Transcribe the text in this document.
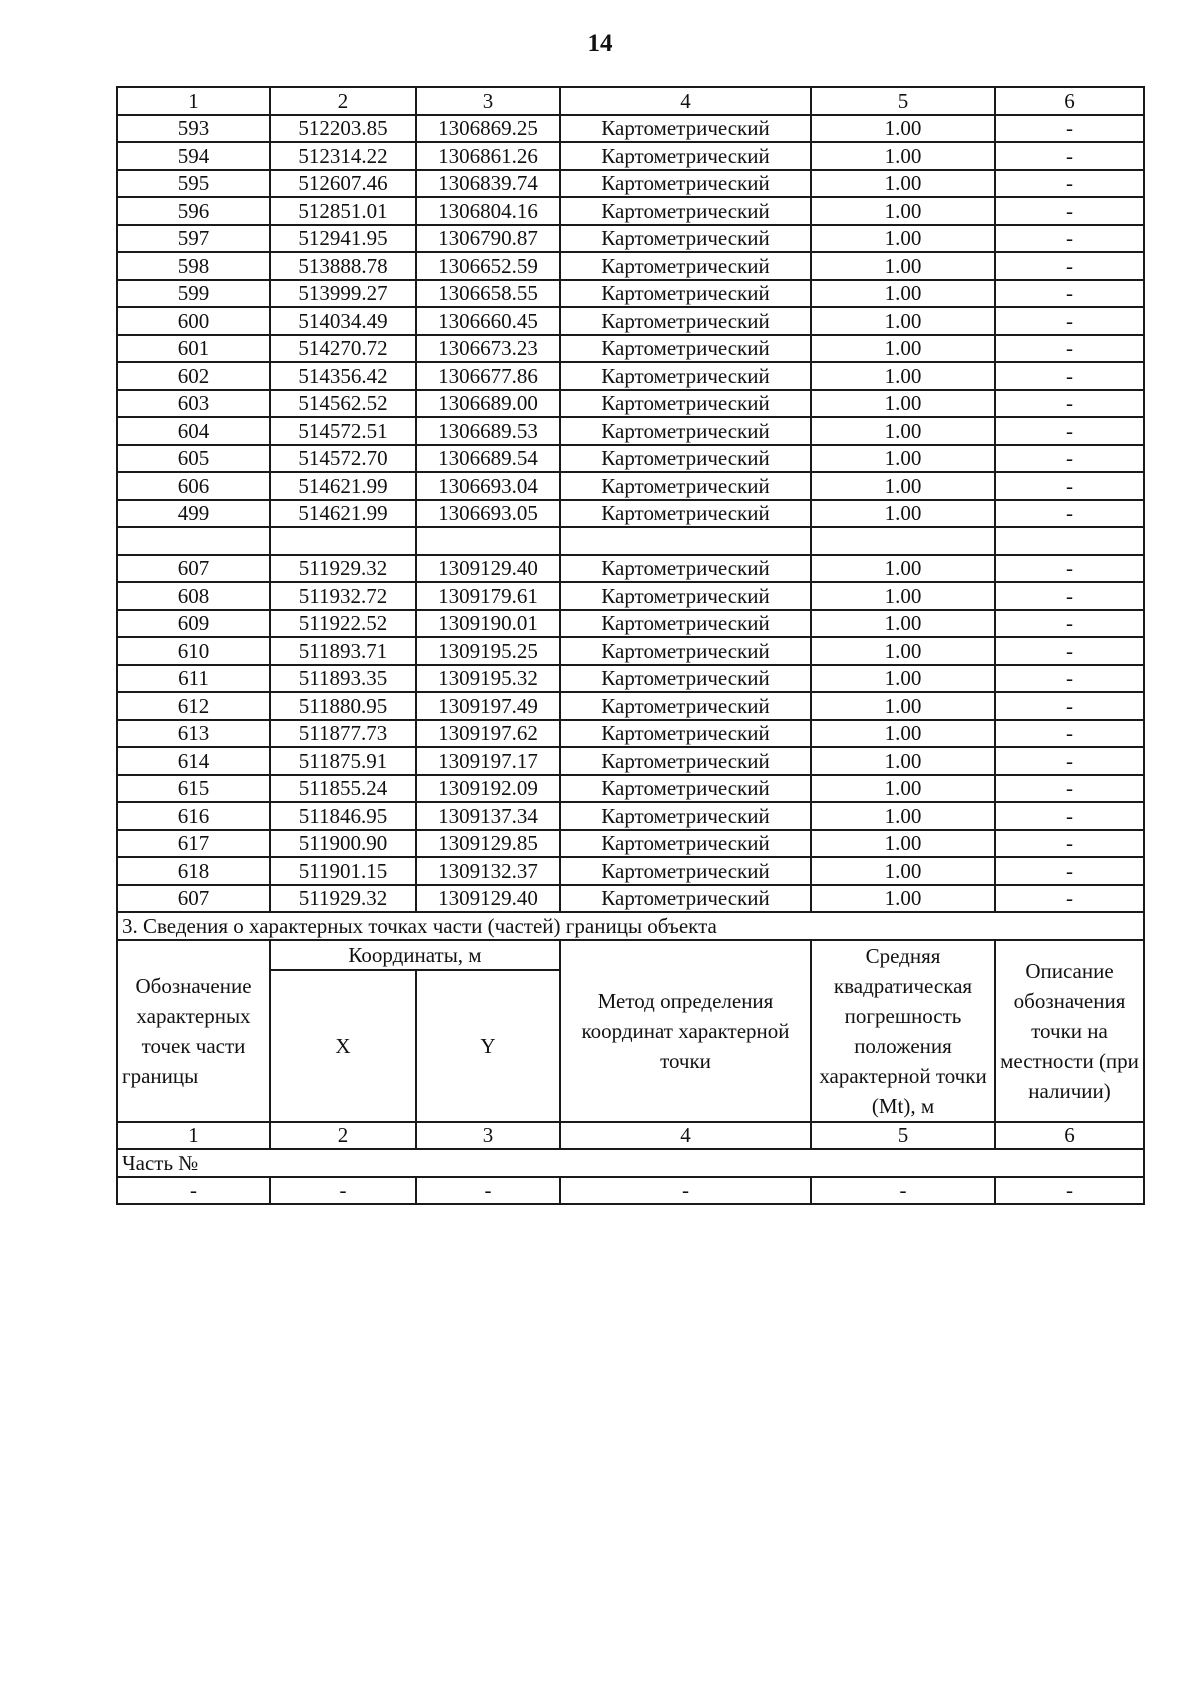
14
1	2	3	4	5	6
593	512203.85	1306869.25	Картометрический	1.00	-
594	512314.22	1306861.26	Картометрический	1.00	-
595	512607.46	1306839.74	Картометрический	1.00	-
596	512851.01	1306804.16	Картометрический	1.00	-
597	512941.95	1306790.87	Картометрический	1.00	-
598	513888.78	1306652.59	Картометрический	1.00	-
599	513999.27	1306658.55	Картометрический	1.00	-
600	514034.49	1306660.45	Картометрический	1.00	-
601	514270.72	1306673.23	Картометрический	1.00	-
602	514356.42	1306677.86	Картометрический	1.00	-
603	514562.52	1306689.00	Картометрический	1.00	-
604	514572.51	1306689.53	Картометрический	1.00	-
605	514572.70	1306689.54	Картометрический	1.00	-
606	514621.99	1306693.04	Картометрический	1.00	-
499	514621.99	1306693.05	Картометрический	1.00	-

607	511929.32	1309129.40	Картометрический	1.00	-
608	511932.72	1309179.61	Картометрический	1.00	-
609	511922.52	1309190.01	Картометрический	1.00	-
610	511893.71	1309195.25	Картометрический	1.00	-
611	511893.35	1309195.32	Картометрический	1.00	-
612	511880.95	1309197.49	Картометрический	1.00	-
613	511877.73	1309197.62	Картометрический	1.00	-
614	511875.91	1309197.17	Картометрический	1.00	-
615	511855.24	1309192.09	Картометрический	1.00	-
616	511846.95	1309137.34	Картометрический	1.00	-
617	511900.90	1309129.85	Картометрический	1.00	-
618	511901.15	1309132.37	Картометрический	1.00	-
607	511929.32	1309129.40	Картометрический	1.00	-
3. Сведения о характерных точках части (частей) границы объекта					
Обозначение характерных точек части границы	Координаты, м		Метод определения координат характерной точки	Средняя квадратическая погрешность положения характерной точки (Mt), м	Описание обозначения точки на местности (при наличии)
	X	Y			
1	2	3	4	5	6
Часть №					
-	-	-	-	-	-
